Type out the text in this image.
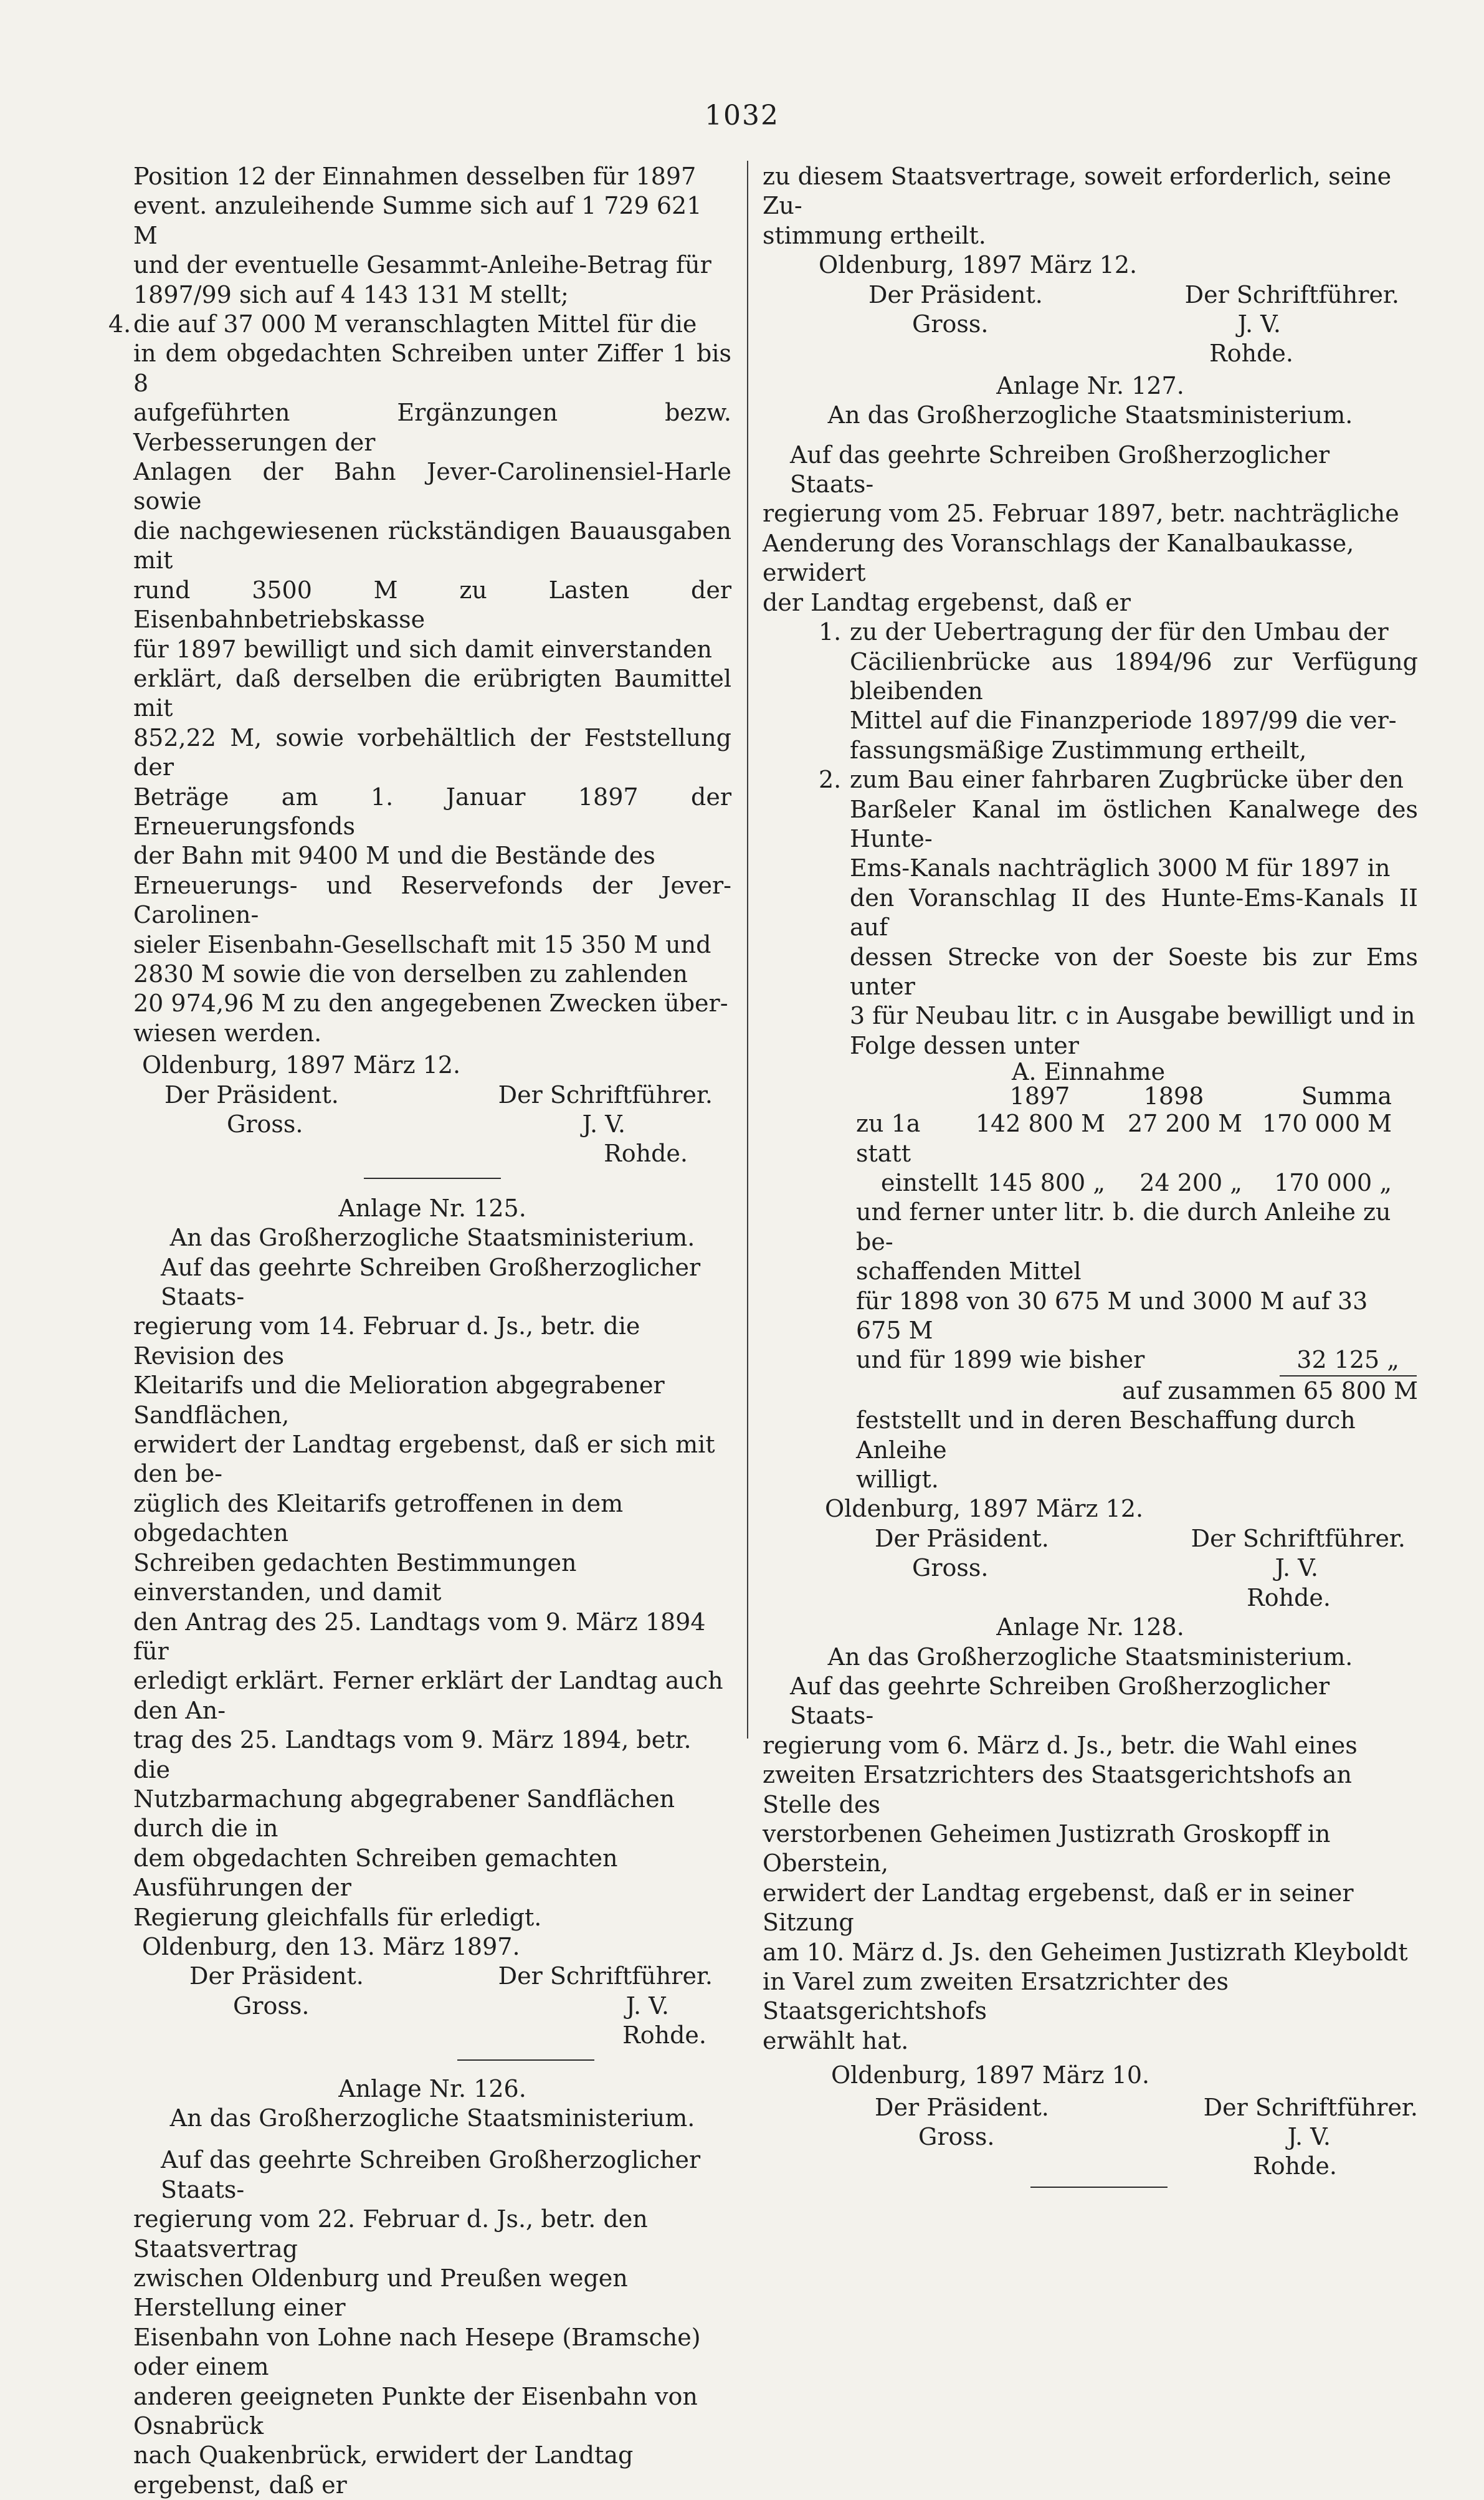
1032
Position 12 der Einnahmen desselben für 1897
event. anzuleihende Summe sich auf 1 729 621 M
und der eventuelle Gesammt-Anleihe-Betrag für
1897/99 sich auf 4 143 131 M stellt;
4. die auf 37 000 M veranschlagten Mittel für die
in dem obgedachten Schreiben unter Ziffer 1 bis 8
aufgeführten Ergänzungen bezw. Verbesserungen der
Anlagen der Bahn Jever-Carolinensiel-Harle sowie
die nachgewiesenen rückständigen Bauausgaben mit
rund 3500 M zu Lasten der Eisenbahnbetriebskasse
für 1897 bewilligt und sich damit einverstanden
erklärt, daß derselben die erübrigten Baumittel mit
852,22 M, sowie vorbehältlich der Feststellung der
Beträge am 1. Januar 1897 der Erneuerungsfonds
der Bahn mit 9400 M und die Bestände des
Erneuerungs- und Reservefonds der Jever-Carolinen-
sieler Eisenbahn-Gesellschaft mit 15 350 M und
2830 M sowie die von derselben zu zahlenden
20 974,96 M zu den angegebenen Zwecken über-
wiesen werden.
Oldenburg, 1897 März 12.
Der Präsident.	Der Schriftführer.
Gross.	J. V.
Rohde.
Anlage Nr. 125.
An das Großherzogliche Staatsministerium.
Auf das geehrte Schreiben Großherzoglicher Staats-
regierung vom 14. Februar d. Js., betr. die Revision des
Kleitarifs und die Melioration abgegrabener Sandflächen,
erwidert der Landtag ergebenst, daß er sich mit den be-
züglich des Kleitarifs getroffenen in dem obgedachten
Schreiben gedachten Bestimmungen einverstanden, und damit
den Antrag des 25. Landtags vom 9. März 1894 für
erledigt erklärt. Ferner erklärt der Landtag auch den An-
trag des 25. Landtags vom 9. März 1894, betr. die
Nutzbarmachung abgegrabener Sandflächen durch die in
dem obgedachten Schreiben gemachten Ausführungen der
Regierung gleichfalls für erledigt.
Oldenburg, den 13. März 1897.
Der Präsident.	Der Schriftführer.
Gross.	J. V.
Rohde.
Anlage Nr. 126.
An das Großherzogliche Staatsministerium.
Auf das geehrte Schreiben Großherzoglicher Staats-
regierung vom 22. Februar d. Js., betr. den Staatsvertrag
zwischen Oldenburg und Preußen wegen Herstellung einer
Eisenbahn von Lohne nach Hesepe (Bramsche) oder einem
anderen geeigneten Punkte der Eisenbahn von Osnabrück
nach Quakenbrück, erwidert der Landtag ergebenst, daß er
zu diesem Staatsvertrage, soweit erforderlich, seine Zu-
stimmung ertheilt.
Oldenburg, 1897 März 12.
Der Präsident.	Der Schriftführer.
Gross.	J. V.
Rohde.
Anlage Nr. 127.
An das Großherzogliche Staatsministerium.
Auf das geehrte Schreiben Großherzoglicher Staats-
regierung vom 25. Februar 1897, betr. nachträgliche
Aenderung des Voranschlags der Kanalbaukasse, erwidert
der Landtag ergebenst, daß er
1. zu der Uebertragung der für den Umbau der
Cäcilienbrücke aus 1894/96 zur Verfügung bleibenden
Mittel auf die Finanzperiode 1897/99 die ver-
fassungsmäßige Zustimmung ertheilt,
2. zum Bau einer fahrbaren Zugbrücke über den
Barßeler Kanal im östlichen Kanalwege des Hunte-
Ems-Kanals nachträglich 3000 M für 1897 in
den Voranschlag II des Hunte-Ems-Kanals II auf
dessen Strecke von der Soeste bis zur Ems unter
3 für Neubau litr. c in Ausgabe bewilligt und in
Folge dessen unter
A. Einnahme
1897	1898	Summa
zu 1a statt
142 800 M 27 200 M 170 000 M
einstellt 145 800 „	24 200 „	170 000 „
und ferner unter litr. b. die durch Anleihe zu be-
schaffenden Mittel
für 1898 von 30 675 M und 3000 M auf 33 675 M
und für 1899 wie bisher	32 125 „
auf zusammen 65 800 M
feststellt und in deren Beschaffung durch Anleihe
willigt.
Oldenburg, 1897 März 12.
Der Präsident.	Der Schriftführer.
Gross.	J. V.
Rohde.
Anlage Nr. 128.
An das Großherzogliche Staatsministerium.
Auf das geehrte Schreiben Großherzoglicher Staats-
regierung vom 6. März d. Js., betr. die Wahl eines
zweiten Ersatzrichters des Staatsgerichtshofs an Stelle des
verstorbenen Geheimen Justizrath Groskopff in Oberstein,
erwidert der Landtag ergebenst, daß er in seiner Sitzung
am 10. März d. Js. den Geheimen Justizrath Kleyboldt
in Varel zum zweiten Ersatzrichter des Staatsgerichtshofs
erwählt hat.
Oldenburg, 1897 März 10.
Der Präsident.	Der Schriftführer.
Gross.	J. V.
Rohde.
